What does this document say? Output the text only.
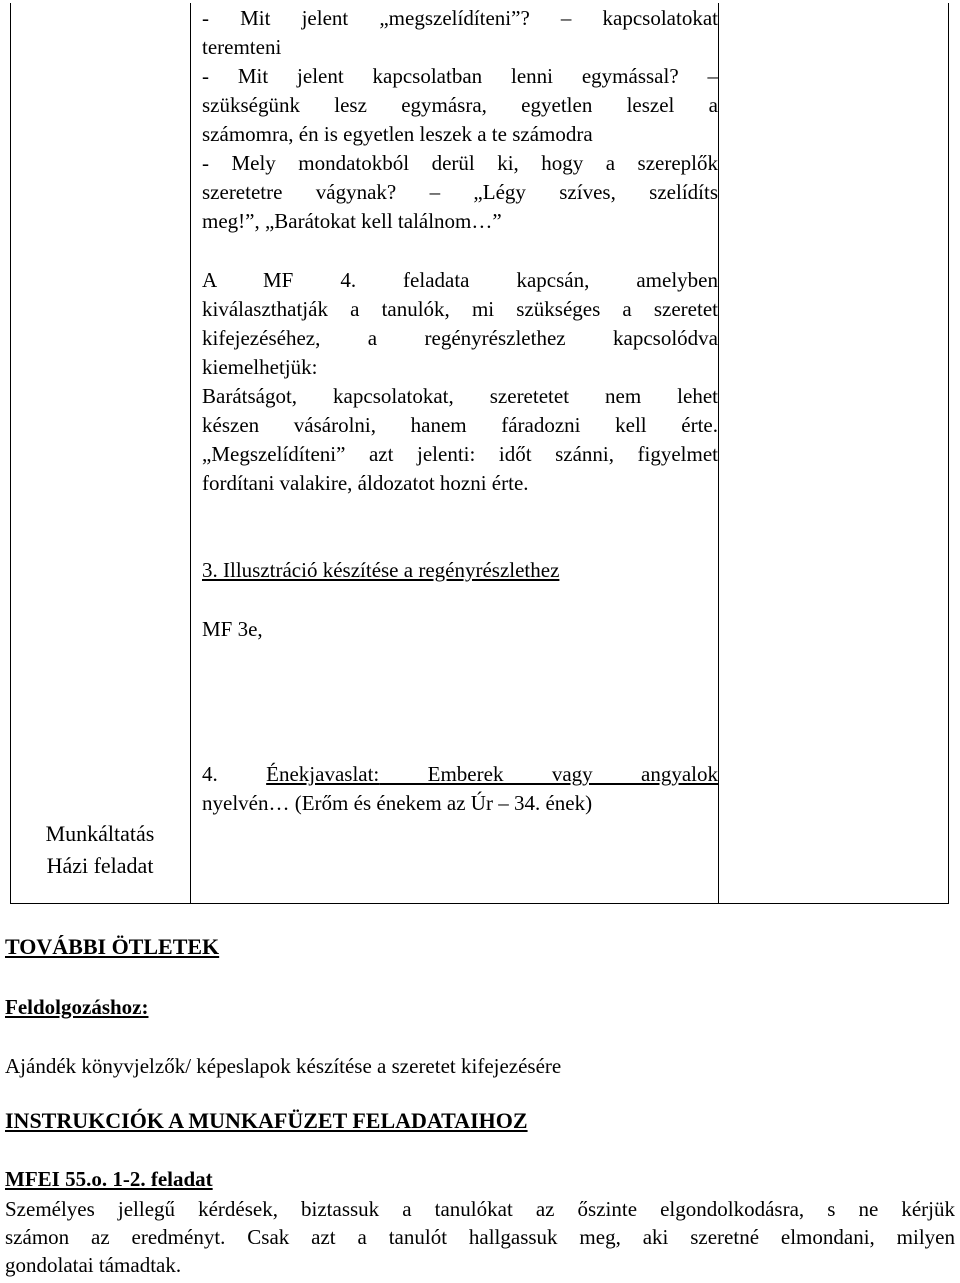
- Mit jelent „megszelídíteni”? – kapcsolatokat
teremteni
- Mit jelent kapcsolatban lenni egymással? –
szükségünk lesz egymásra, egyetlen leszel a
számomra, én is egyetlen leszek a te számodra
- Mely mondatokból derül ki, hogy a szereplők
szeretetre vágynak? – „Légy szíves, szelídíts
meg!”, „Barátokat kell találnom…”
A MF 4. feladata kapcsán, amelyben
kiválaszthatják a tanulók, mi szükséges a szeretet
kifejezéséhez, a regényrészlethez kapcsolódva
kiemelhetjük:
Barátságot, kapcsolatokat, szeretetet nem lehet
készen vásárolni, hanem fáradozni kell érte.
„Megszelídíteni” azt jelenti: időt szánni, figyelmet
fordítani valakire, áldozatot hozni érte.
3. Illusztráció készítése a regényrészlethez
MF 3e,
4. Énekjavaslat: Emberek vagy angyalok
nyelvén… (Erőm és énekem az Úr – 34. ének)
Munkáltatás
Házi feladat
TOVÁBBI ÖTLETEK
Feldolgozáshoz:
Ajándék könyvjelzők/ képeslapok készítése a szeretet kifejezésére
INSTRUKCIÓK A MUNKAFÜZET FELADATAIHOZ
MFEI 55.o. 1-2. feladat
Személyes jellegű kérdések, biztassuk a tanulókat az őszinte elgondolkodásra, s ne kérjük
számon az eredményt. Csak azt a tanulót hallgassuk meg, aki szeretné elmondani, milyen
gondolatai támadtak.
